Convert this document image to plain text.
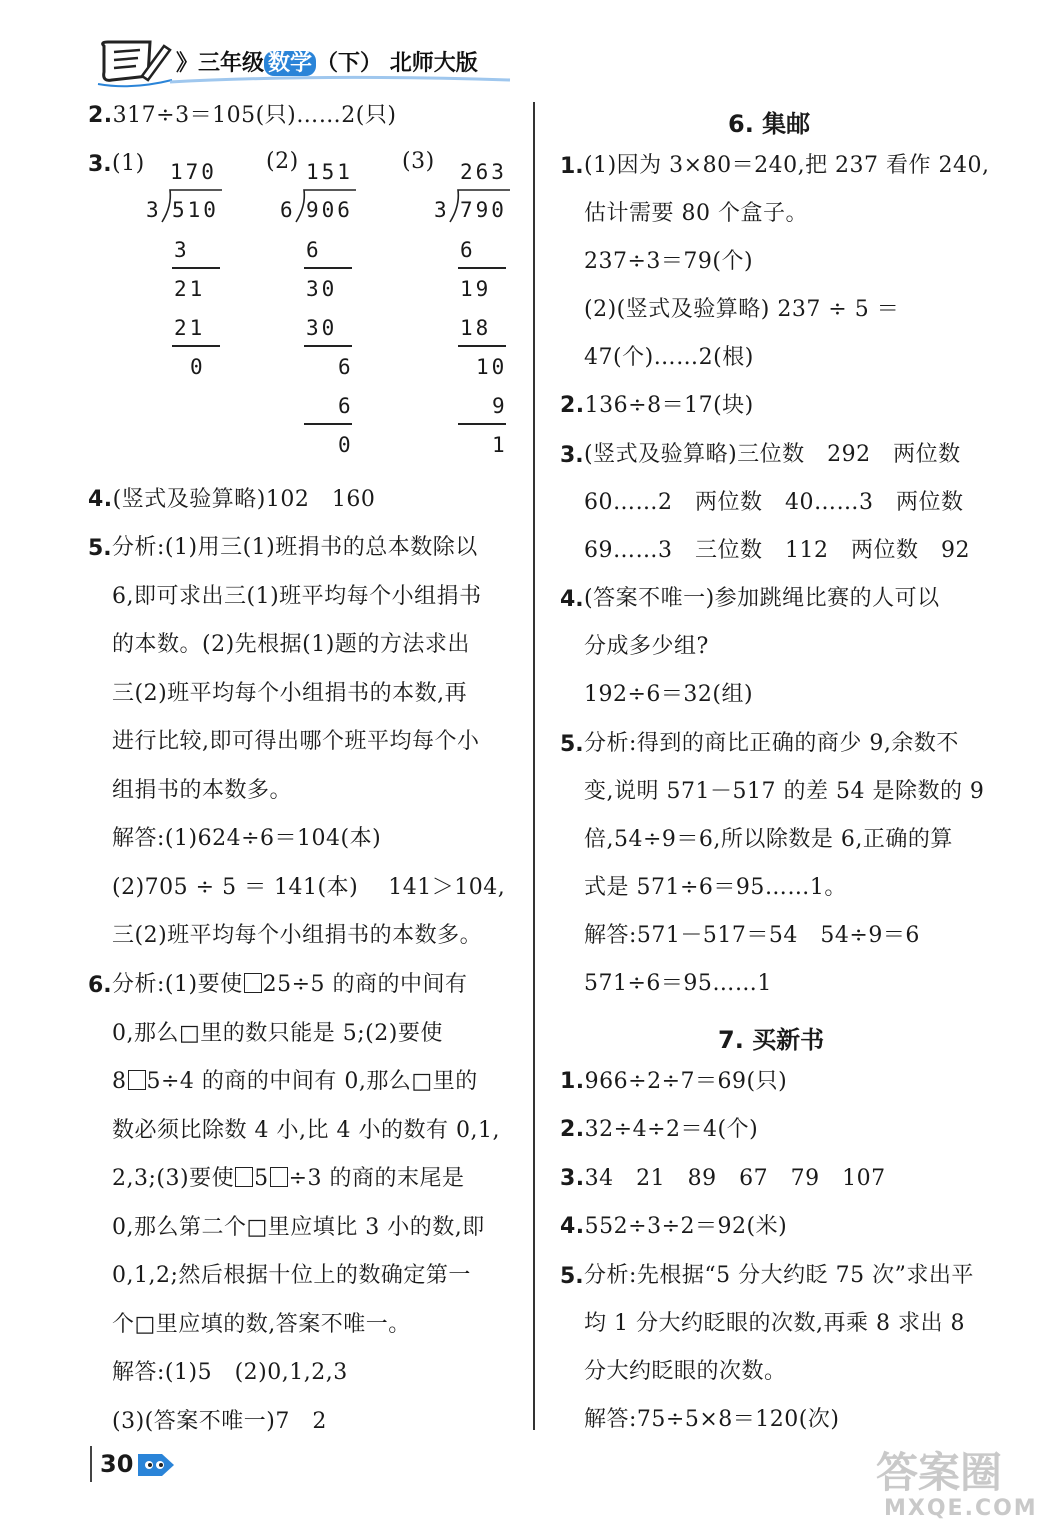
》三年级 数学 （下） 北师大版
2.317÷3＝105(只)……2(只)
3. (1)	(2)	(3)
170
3 510
3
21
21
0
151
6 906
6
30
30
6
6
0
263
3 790
6
19
18
10
9
1
4.(竖式及验算略)102　160
5. 分析:(1)用三(1)班捐书的总本数除以
6,即可求出三(1)班平均每个小组捐书
的本数。(2)先根据(1)题的方法求出
三(2)班平均每个小组捐书的本数,再
进行比较,即可得出哪个班平均每个小
组捐书的本数多。
解答:(1)624÷6＝104(本)
(2)705 ÷ 5 ＝ 141(本)　 141＞104,
三(2)班平均每个小组捐书的本数多。
6. 分析:(1)要使 25÷5 的商的中间有
0,那么□里的数只能是 5;(2)要使
8 5÷4 的商的中间有 0,那么□里的
数必须比除数 4 小,比 4 小的数有 0,1,
2,3;(3)要使 5 ÷3 的商的末尾是
0,那么第二个□里应填比 3 小的数,即
0,1,2;然后根据十位上的数确定第一
个□里应填的数,答案不唯一。
解答:(1)5　(2)0,1,2,3
(3)(答案不唯一)7　2
6. 集邮
1. (1)因为 3×80＝240,把 237 看作 240,
估计需要 80 个盒子。
237÷3＝79(个)
(2)(竖式及验算略) 237 ÷ 5 ＝
47(个)……2(根)
2.136÷8＝17(块)
3. (竖式及验算略)三位数　292　两位数
60……2　两位数　40……3　两位数
69……3　三位数　112　两位数　92
4. (答案不唯一)参加跳绳比赛的人可以
分成多少组?
192÷6＝32(组)
5. 分析:得到的商比正确的商少 9,余数不
变,说明 571－517 的差 54 是除数的 9
倍,54÷9＝6,所以除数是 6,正确的算
式是 571÷6＝95……1。
解答:571－517＝54　54÷9＝6
571÷6＝95……1
7. 买新书
1.966÷2÷7＝69(只)
2.32÷4÷2＝4(个)
3.34　21　89　67　79　107
4.552÷3÷2＝92(米)
5. 分析:先根据“5 分大约眨 75 次”求出平
均 1 分大约眨眼的次数,再乘 8 求出 8
分大约眨眼的次数。
解答:75÷5×8＝120(次)
30	答案圈
MXQE.COM
